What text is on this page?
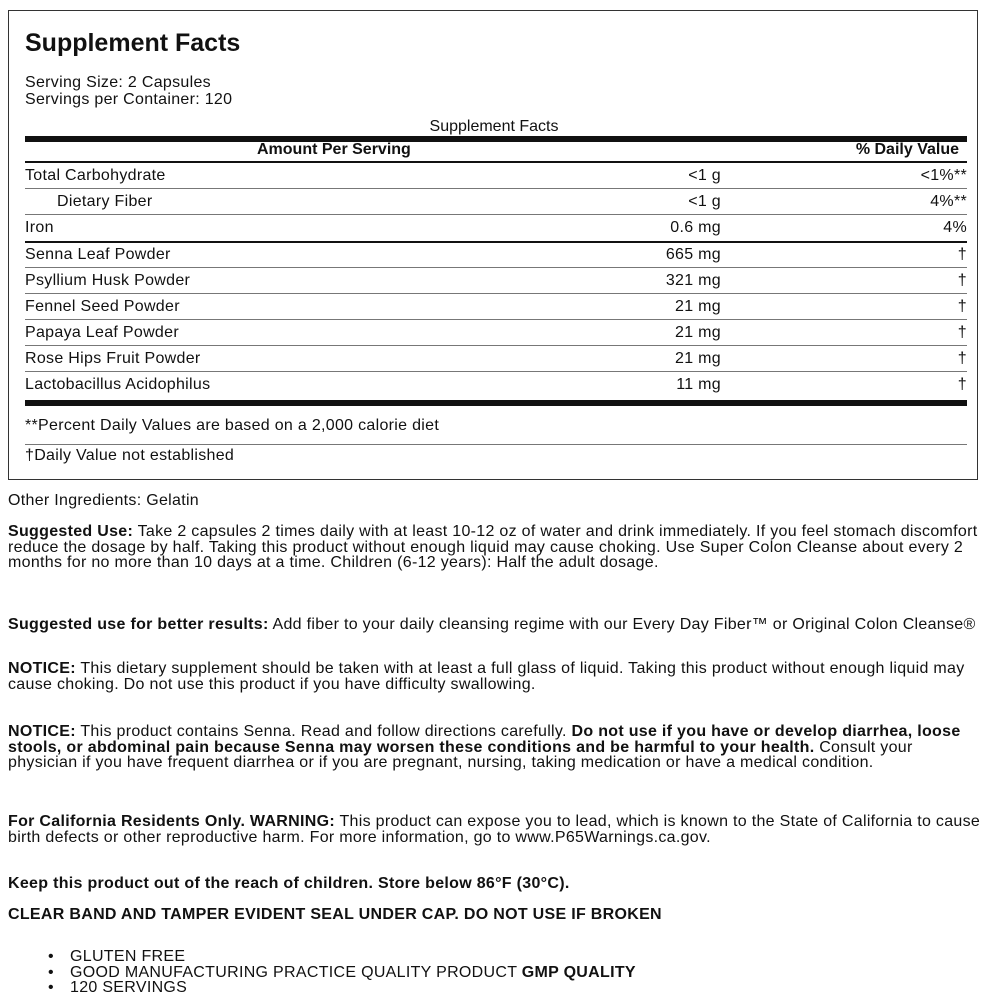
Supplement Facts
Serving Size: 2 Capsules
Servings per Container: 120
Supplement Facts
Amount Per Serving	% Daily Value
Total Carbohydrate	<1 g	<1%**
Dietary Fiber	<1 g	4%**
Iron	0.6 mg	4%
Senna Leaf Powder	665 mg	†
Psyllium Husk Powder	321 mg	†
Fennel Seed Powder	21 mg	†
Papaya Leaf Powder	21 mg	†
Rose Hips Fruit Powder	21 mg	†
Lactobacillus Acidophilus	11 mg	†
**Percent Daily Values are based on a 2,000 calorie diet
†Daily Value not established
Other Ingredients: Gelatin
Suggested Use: Take 2 capsules 2 times daily with at least 10-12 oz of water and drink immediately. If you feel stomach discomfort reduce the dosage by half. Taking this product without enough liquid may cause choking. Use Super Colon Cleanse about every 2 months for no more than 10 days at a time. Children (6-12 years): Half the adult dosage.
Suggested use for better results: Add fiber to your daily cleansing regime with our Every Day Fiber™ or Original Colon Cleanse®
NOTICE: This dietary supplement should be taken with at least a full glass of liquid. Taking this product without enough liquid may cause choking. Do not use this product if you have difficulty swallowing.
NOTICE: This product contains Senna. Read and follow directions carefully. Do not use if you have or develop diarrhea, loose stools, or abdominal pain because Senna may worsen these conditions and be harmful to your health. Consult your physician if you have frequent diarrhea or if you are pregnant, nursing, taking medication or have a medical condition.
For California Residents Only. WARNING: This product can expose you to lead, which is known to the State of California to cause birth defects or other reproductive harm. For more information, go to www.P65Warnings.ca.gov.
Keep this product out of the reach of children. Store below 86°F (30°C).
CLEAR BAND AND TAMPER EVIDENT SEAL UNDER CAP. DO NOT USE IF BROKEN
• GLUTEN FREE
• GOOD MANUFACTURING PRACTICE QUALITY PRODUCT GMP QUALITY
• 120 SERVINGS
